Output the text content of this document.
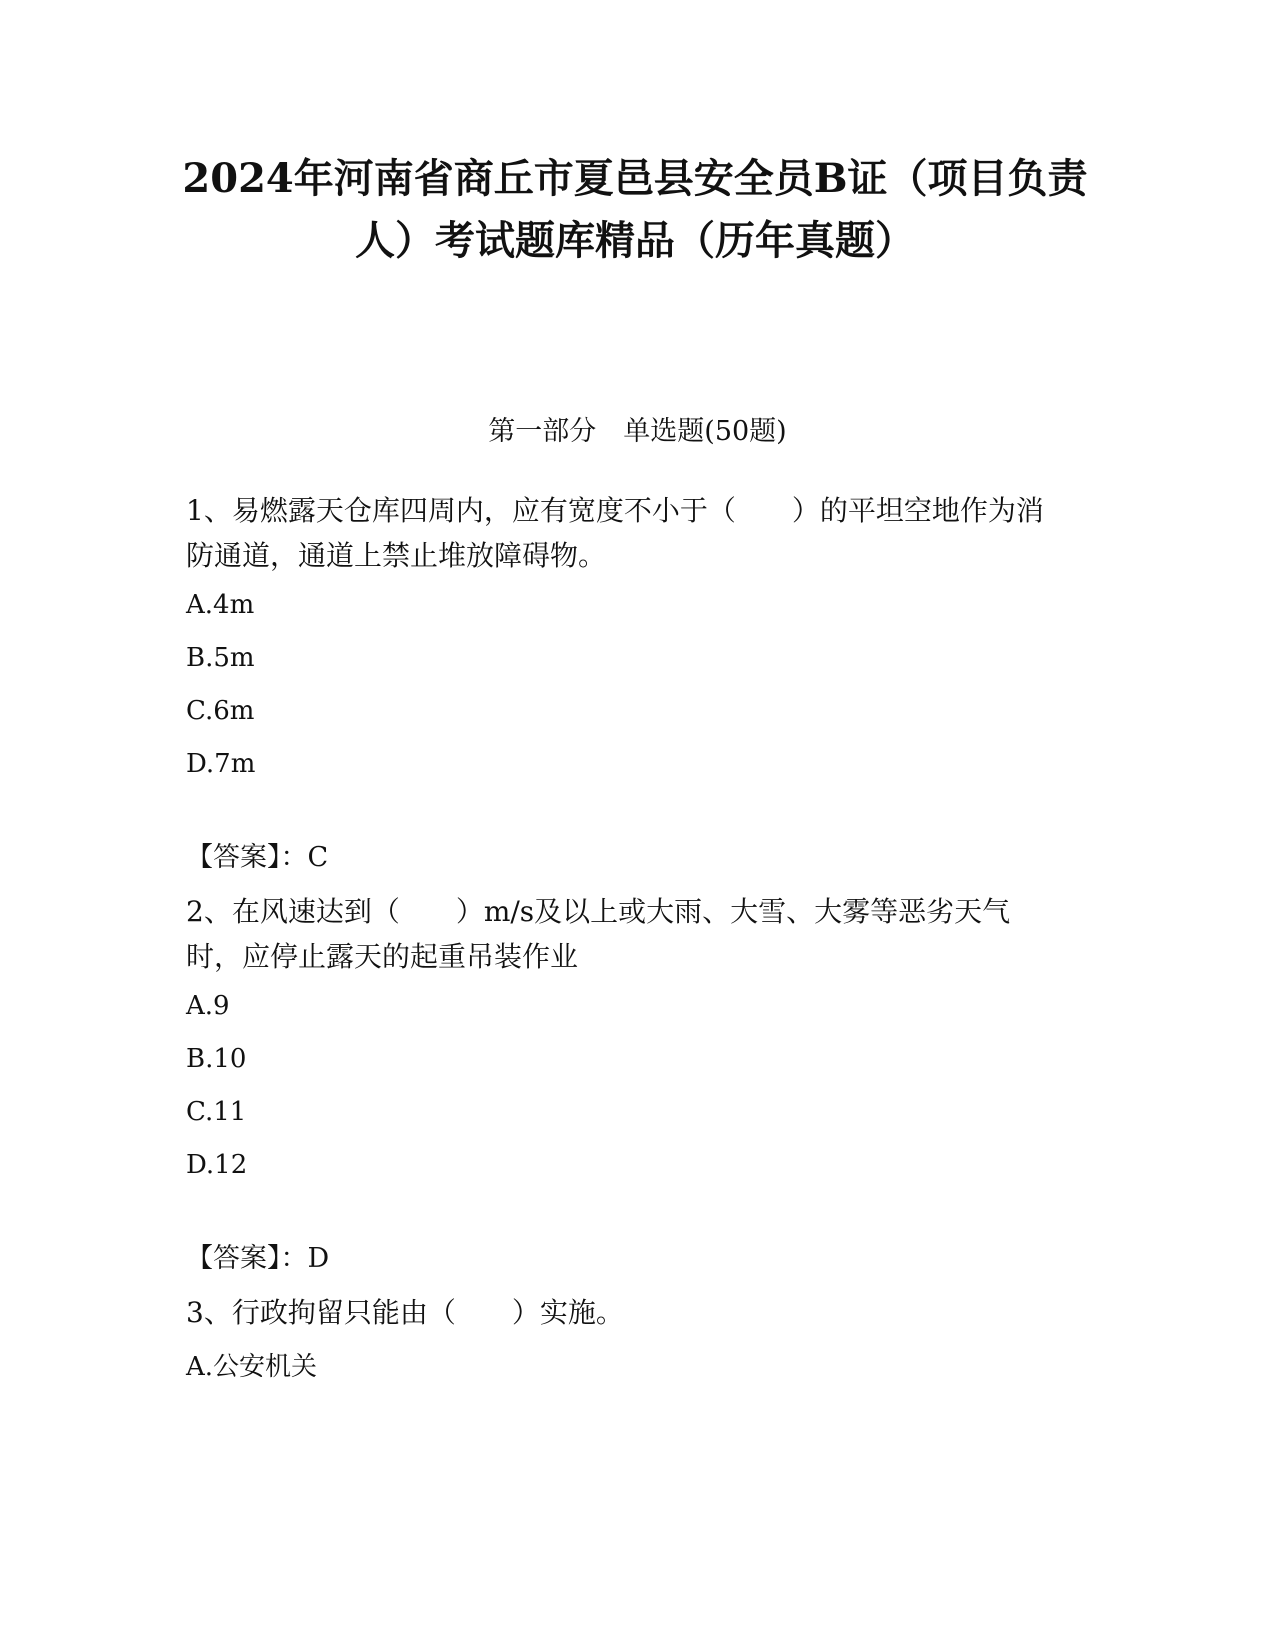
2024年河南省商丘市夏邑县安全员B证（项目负责人）考试题库精品（历年真题）
第一部分　单选题(50题)
1、易燃露天仓库四周内，应有宽度不小于（　　）的平坦空地作为消防通道，通道上禁止堆放障碍物。
A.4m
B.5m
C.6m
D.7m
【答案】：C
2、在风速达到（　　）m/s及以上或大雨、大雪、大雾等恶劣天气时，应停止露天的起重吊装作业
A.9
B.10
C.11
D.12
【答案】：D
3、行政拘留只能由（　　）实施。
A.公安机关
